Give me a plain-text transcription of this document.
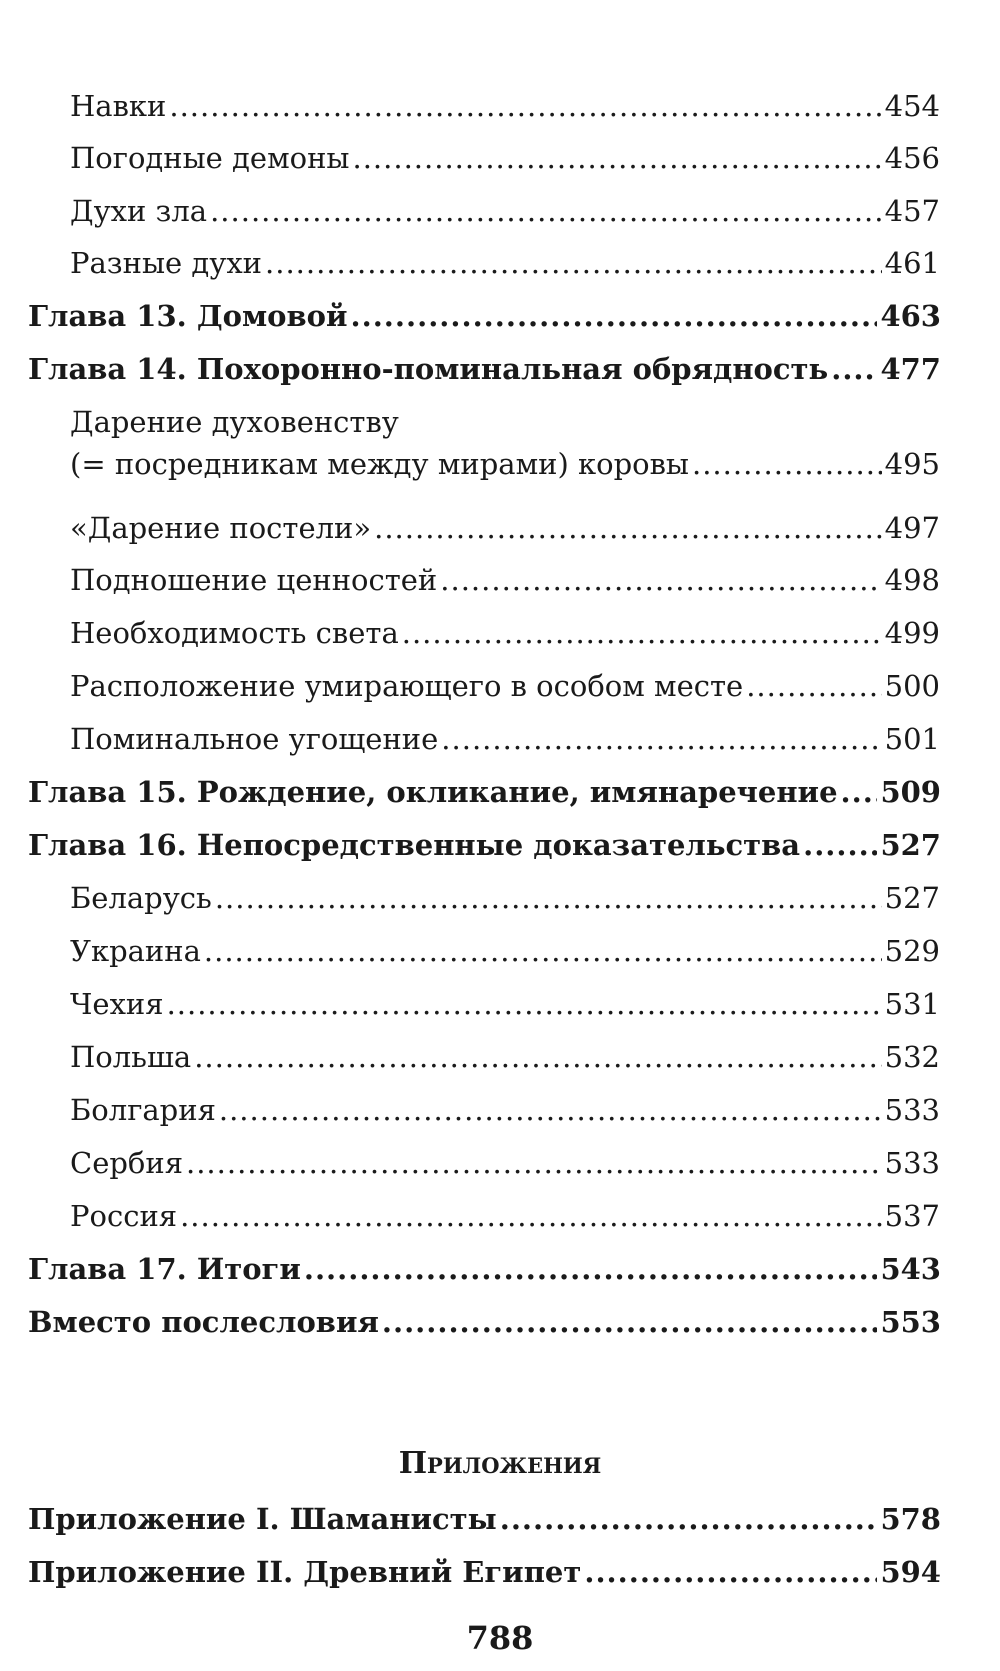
Навки .....	454
Погодные демоны .....	456
Духи зла .....	457
Разные духи .....	461
Глава 13. Домовой .....	463
Глава 14. Похоронно-поминальная обрядность ..... 477
Дарение духовенству
(= посредникам между мирами) коровы .....	495
«Дарение постели» .....	497
Подношение ценностей .....	498
Необходимость света .....	499
Расположение умирающего в особом месте .....	500
Поминальное угощение .....	501
Глава 15. Рождение, окликание, имянаречение ..... 509
Глава 16. Непосредственные доказательства .....	527
Беларусь .....	527
Украина .....	529
Чехия .....	531
Польша .....	532
Болгария .....	533
Сербия .....	533
Россия .....	537
Глава 17. Итоги .....	543
Вместо послесловия .....	553
Приложения
Приложение I. Шаманисты .....	578
Приложение II. Древний Египет .....	594
788
